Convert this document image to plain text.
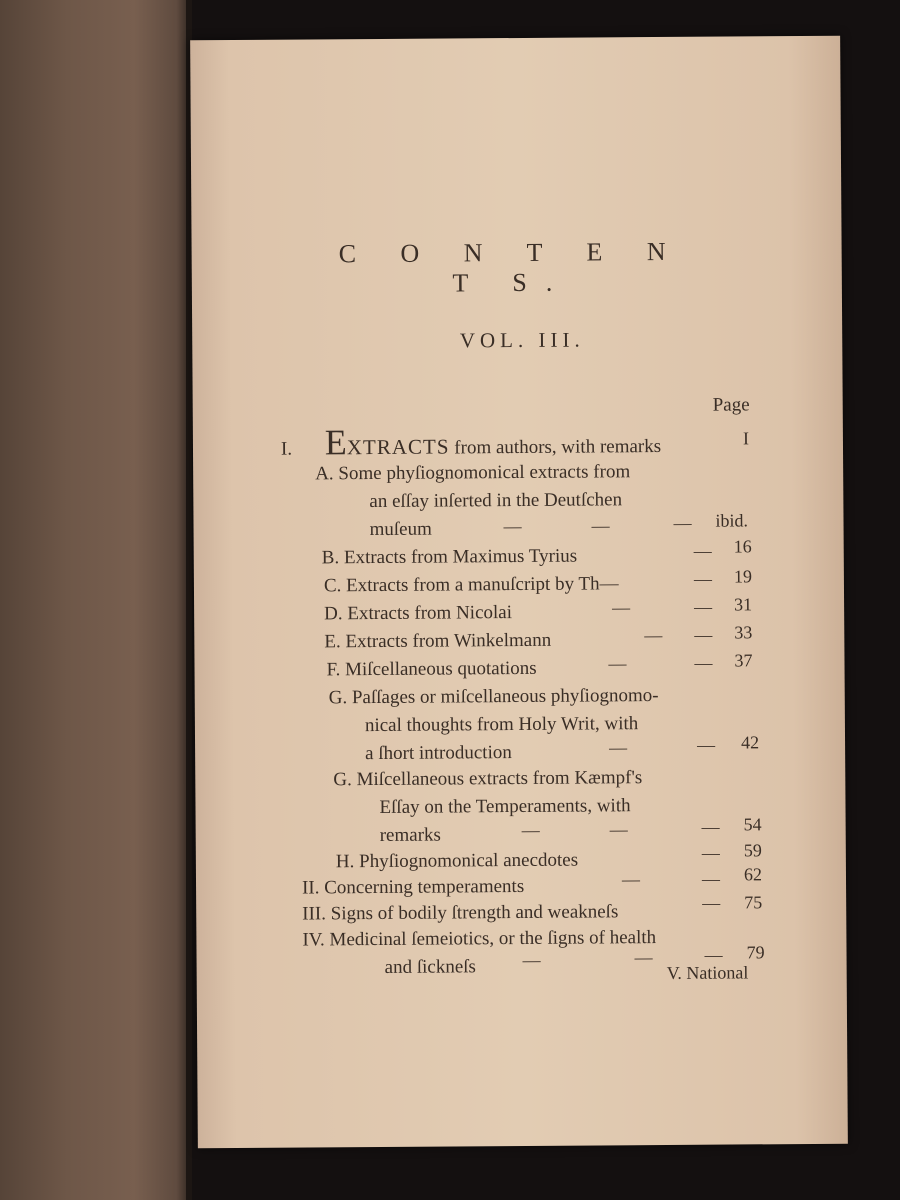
C O N T E N T S.
VOL. III.
Page
I. EXTRACTS from authors, with remarks	I
A. Some phyſiognomonical extracts from
an eſſay inſerted in the Deutſchen
muſeum	—	—	— ibid.
B. Extracts from Maximus Tyrius	— 16
C. Extracts from a manuſcript by Th—	— 19
D. Extracts from Nicolai	—	— 31
E. Extracts from Winkelmann	— — 33
F. Miſcellaneous quotations	—	— 37
G. Paſſages or miſcellaneous phyſiognomo-
nical thoughts from Holy Writ, with
a ſhort introduction	—	— 42
G. Miſcellaneous extracts from Kæmpf's
Eſſay on the Temperaments, with
remarks	—	—	— 54
H. Phyſiognomonical anecdotes	— 59
II. Concerning temperaments	—	— 62
III. Signs of bodily ſtrength and weakneſs	— 75
IV. Medicinal ſemeiotics, or the ſigns of health
and ſickneſs	—	—	— 79
V. National
